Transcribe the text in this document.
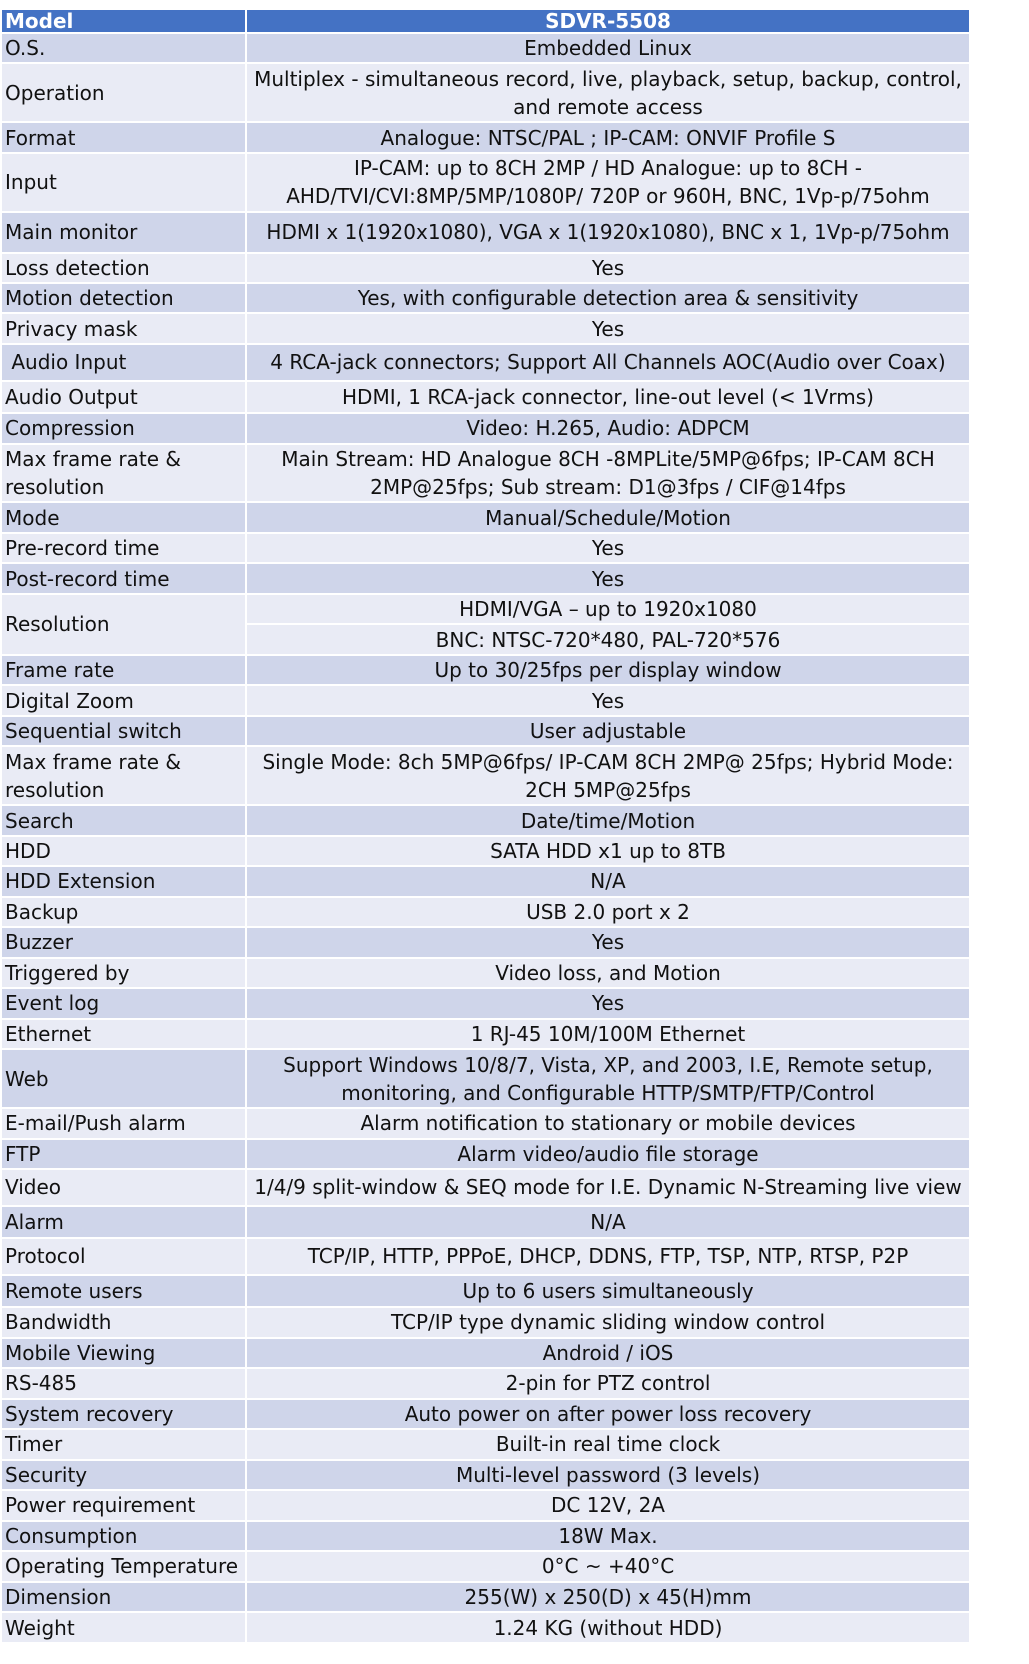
Model	SDVR-5508
O.S.	Embedded Linux
Operation	Multiplex - simultaneous record, live, playback, setup, backup, control, and remote access
Format	Analogue: NTSC/PAL ; IP-CAM: ONVIF Profile S
Input	IP-CAM: up to 8CH 2MP / HD Analogue: up to 8CH - AHD/TVI/CVI:8MP/5MP/1080P/ 720P or 960H, BNC, 1Vp-p/75ohm
Main monitor	HDMI x 1(1920x1080), VGA x 1(1920x1080), BNC x 1, 1Vp-p/75ohm
Loss detection	Yes
Motion detection	Yes, with configurable detection area & sensitivity
Privacy mask	Yes
Audio Input	4 RCA-jack connectors; Support All Channels AOC(Audio over Coax)
Audio Output	HDMI, 1 RCA-jack connector, line-out level (< 1Vrms)
Compression	Video: H.265, Audio: ADPCM
Max frame rate &
resolution	Main Stream: HD Analogue 8CH -8MPLite/5MP@6fps; IP-CAM 8CH 2MP@25fps; Sub stream: D1@3fps / CIF@14fps
Mode	Manual/Schedule/Motion
Pre-record time	Yes
Post-record time	Yes
Resolution	HDMI/VGA – up to 1920x1080
	BNC: NTSC-720*480, PAL-720*576
Frame rate	Up to 30/25fps per display window
Digital Zoom	Yes
Sequential switch	User adjustable
Max frame rate &
resolution	Single Mode: 8ch 5MP@6fps/ IP-CAM 8CH 2MP@ 25fps; Hybrid Mode: 2CH 5MP@25fps
Search	Date/time/Motion
HDD	SATA HDD x1 up to 8TB
HDD Extension	N/A
Backup	USB 2.0 port x 2
Buzzer	Yes
Triggered by	Video loss, and Motion
Event log	Yes
Ethernet	1 RJ-45 10M/100M Ethernet
Web	Support Windows 10/8/7, Vista, XP, and 2003, I.E, Remote setup, monitoring, and Configurable HTTP/SMTP/FTP/Control
E-mail/Push alarm	Alarm notification to stationary or mobile devices
FTP	Alarm video/audio file storage
Video	1/4/9 split-window & SEQ mode for I.E. Dynamic N-Streaming live view
Alarm	N/A
Protocol	TCP/IP, HTTP, PPPoE, DHCP, DDNS, FTP, TSP, NTP, RTSP, P2P
Remote users	Up to 6 users simultaneously
Bandwidth	TCP/IP type dynamic sliding window control
Mobile Viewing	Android / iOS
RS-485	2-pin for PTZ control
System recovery	Auto power on after power loss recovery
Timer	Built-in real time clock
Security	Multi-level password (3 levels)
Power requirement	DC 12V, 2A
Consumption	18W Max.
Operating Temperature	0°C ~ +40°C
Dimension	255(W) x 250(D) x 45(H)mm
Weight	1.24 KG (without HDD)
